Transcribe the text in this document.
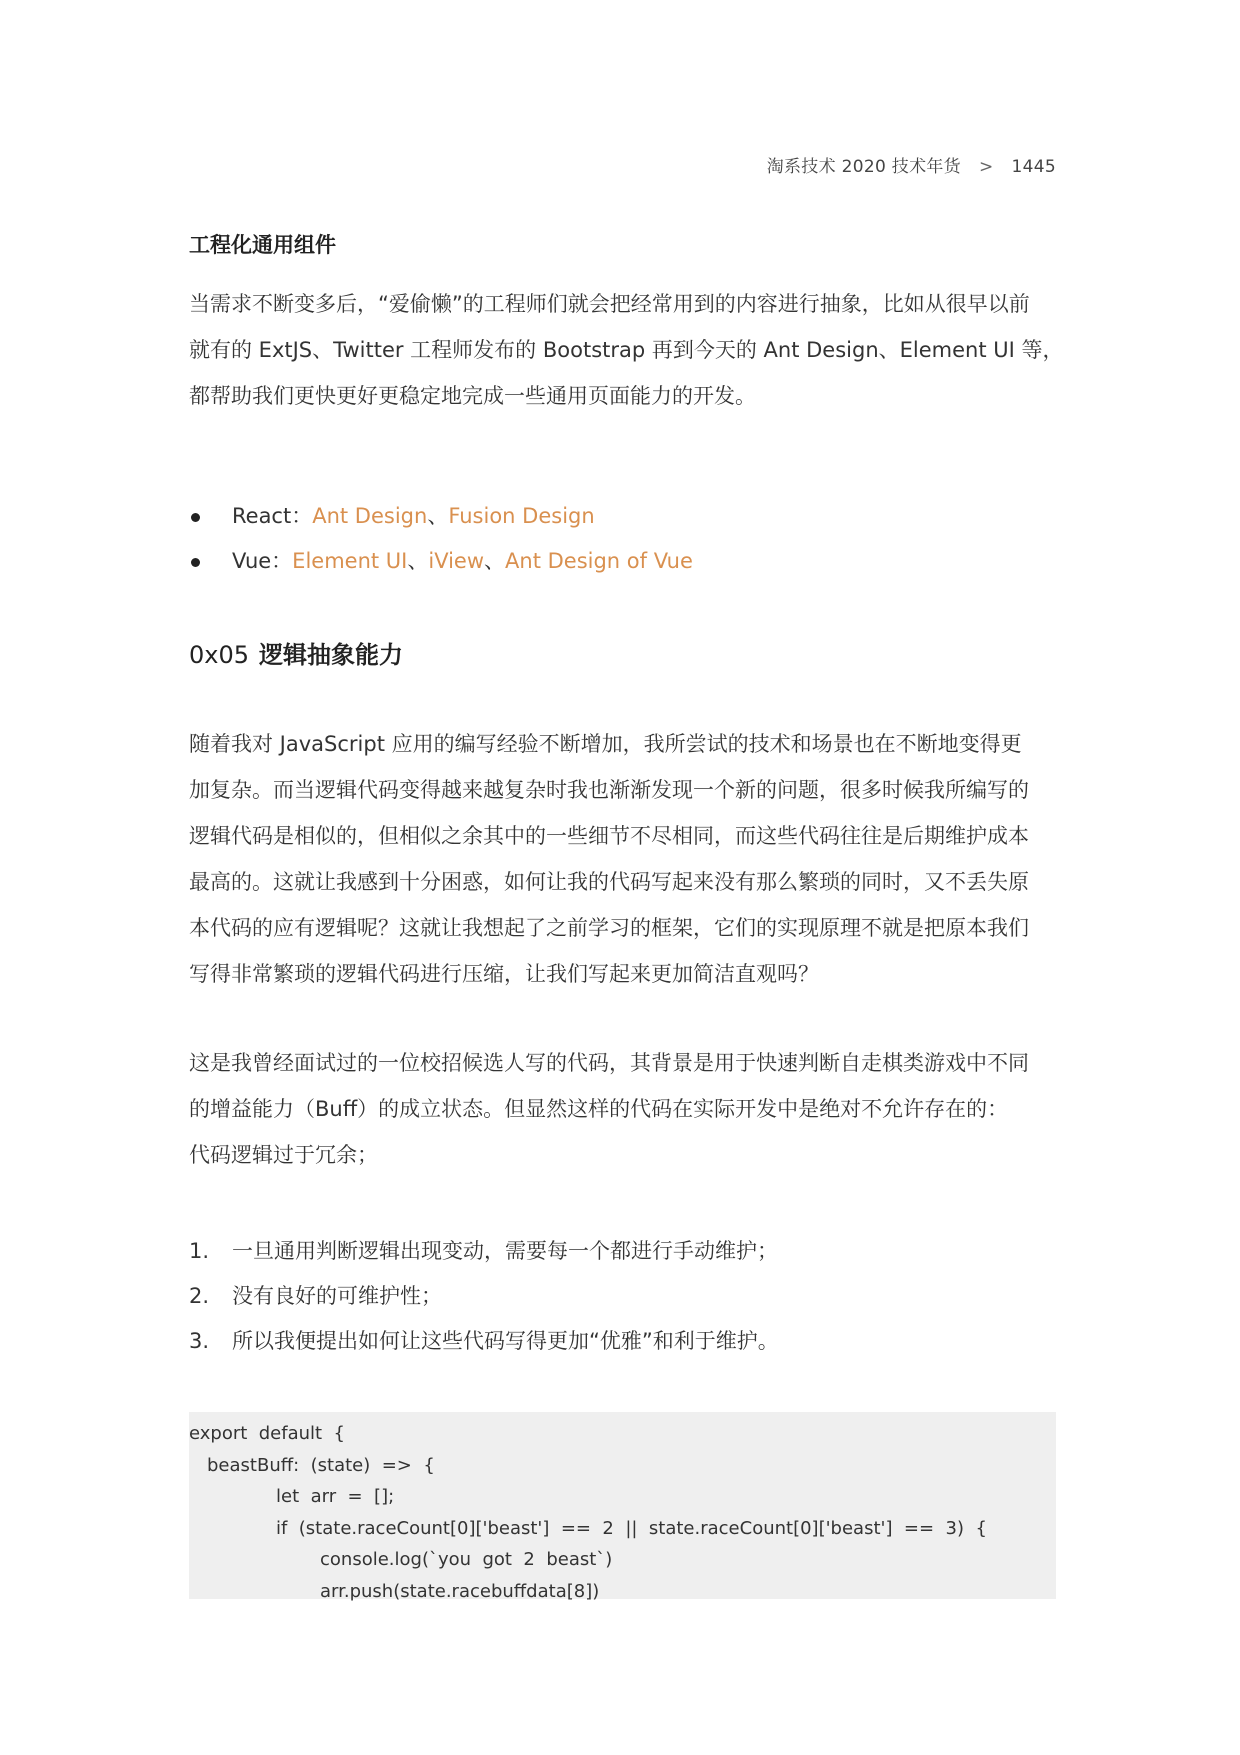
淘系技术 2020 技术年货 > 1445
工程化通用组件

当需求不断变多后，“爱偷懒”的工程师们就会把经常用到的内容进行抽象，比如从很早以前
就有的 ExtJS、Twitter 工程师发布的 Bootstrap 再到今天的 Ant Design、Element UI 等，
都帮助我们更快更好更稳定地完成一些通用页面能力的开发。

React：Ant Design、Fusion Design
Vue：Element UI、iView、Ant Design of Vue
0x05 逻辑抽象能力

随着我对 JavaScript 应用的编写经验不断增加，我所尝试的技术和场景也在不断地变得更
加复杂。而当逻辑代码变得越来越复杂时我也渐渐发现一个新的问题，很多时候我所编写的
逻辑代码是相似的，但相似之余其中的一些细节不尽相同，而这些代码往往是后期维护成本
最高的。这就让我感到十分困惑，如何让我的代码写起来没有那么繁琐的同时，又不丢失原
本代码的应有逻辑呢？这就让我想起了之前学习的框架，它们的实现原理不就是把原本我们
写得非常繁琐的逻辑代码进行压缩，让我们写起来更加简洁直观吗？

这是我曾经面试过的一位校招候选人写的代码，其背景是用于快速判断自走棋类游戏中不同
的增益能力（Buff）的成立状态。但显然这样的代码在实际开发中是绝对不允许存在的：
代码逻辑过于冗余；

1. 一旦通用判断逻辑出现变动，需要每一个都进行手动维护；
2. 没有良好的可维护性；
3. 所以我便提出如何让这些代码写得更加“优雅”和利于维护。
export  default  {
beastBuff:  (state)  =>  {
let  arr  =  [];
if  (state.raceCount[0]['beast']  ==  2  ||  state.raceCount[0]['beast']  ==  3)  {
console.log(`you  got  2  beast`)
arr.push(state.racebuffdata[8])
